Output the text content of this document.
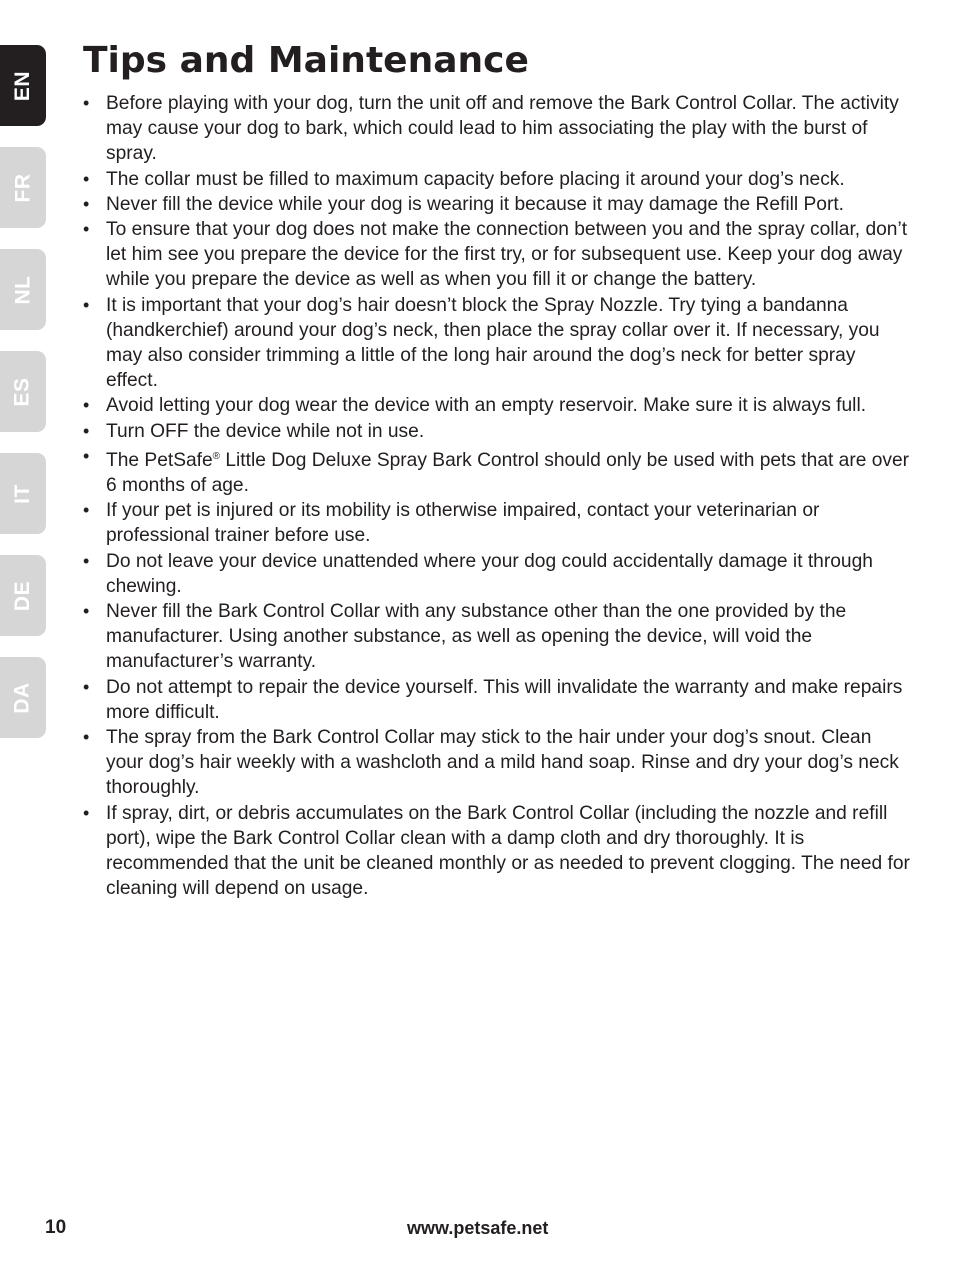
EN
FR
NL
ES
IT
DE
DA
Tips and Maintenance
• Before playing with your dog, turn the unit off and remove the Bark Control Collar. The activity may cause your dog to bark, which could lead to him associating the play with the burst of spray.
• The collar must be filled to maximum capacity before placing it around your dog’s neck.
• Never fill the device while your dog is wearing it because it may damage the Refill Port.
• To ensure that your dog does not make the connection between you and the spray collar, don’t let him see you prepare the device for the first try, or for subsequent use. Keep your dog away while you prepare the device as well as when you fill it or change the battery.
• It is important that your dog’s hair doesn’t block the Spray Nozzle. Try tying a bandanna (handkerchief) around your dog’s neck, then place the spray collar over it. If necessary, you may also consider trimming a little of the long hair around the dog’s neck for better spray effect.
• Avoid letting your dog wear the device with an empty reservoir. Make sure it is always full.
• Turn OFF the device while not in use.
• The PetSafe® Little Dog Deluxe Spray Bark Control should only be used with pets that are over 6 months of age.
• If your pet is injured or its mobility is otherwise impaired, contact your veterinarian or professional trainer before use.
• Do not leave your device unattended where your dog could accidentally damage it through chewing.
• Never fill the Bark Control Collar with any substance other than the one provided by the manufacturer. Using another substance, as well as opening the device, will void the manufacturer’s warranty.
• Do not attempt to repair the device yourself. This will invalidate the warranty and make repairs more difficult.
• The spray from the Bark Control Collar may stick to the hair under your dog’s snout. Clean your dog’s hair weekly with a washcloth and a mild hand soap. Rinse and dry your dog’s neck thoroughly.
• If spray, dirt, or debris accumulates on the Bark Control Collar (including the nozzle and refill port), wipe the Bark Control Collar clean with a damp cloth and dry thoroughly. It is recommended that the unit be cleaned monthly or as needed to prevent clogging. The need for cleaning will depend on usage.
10	www.petsafe.net
